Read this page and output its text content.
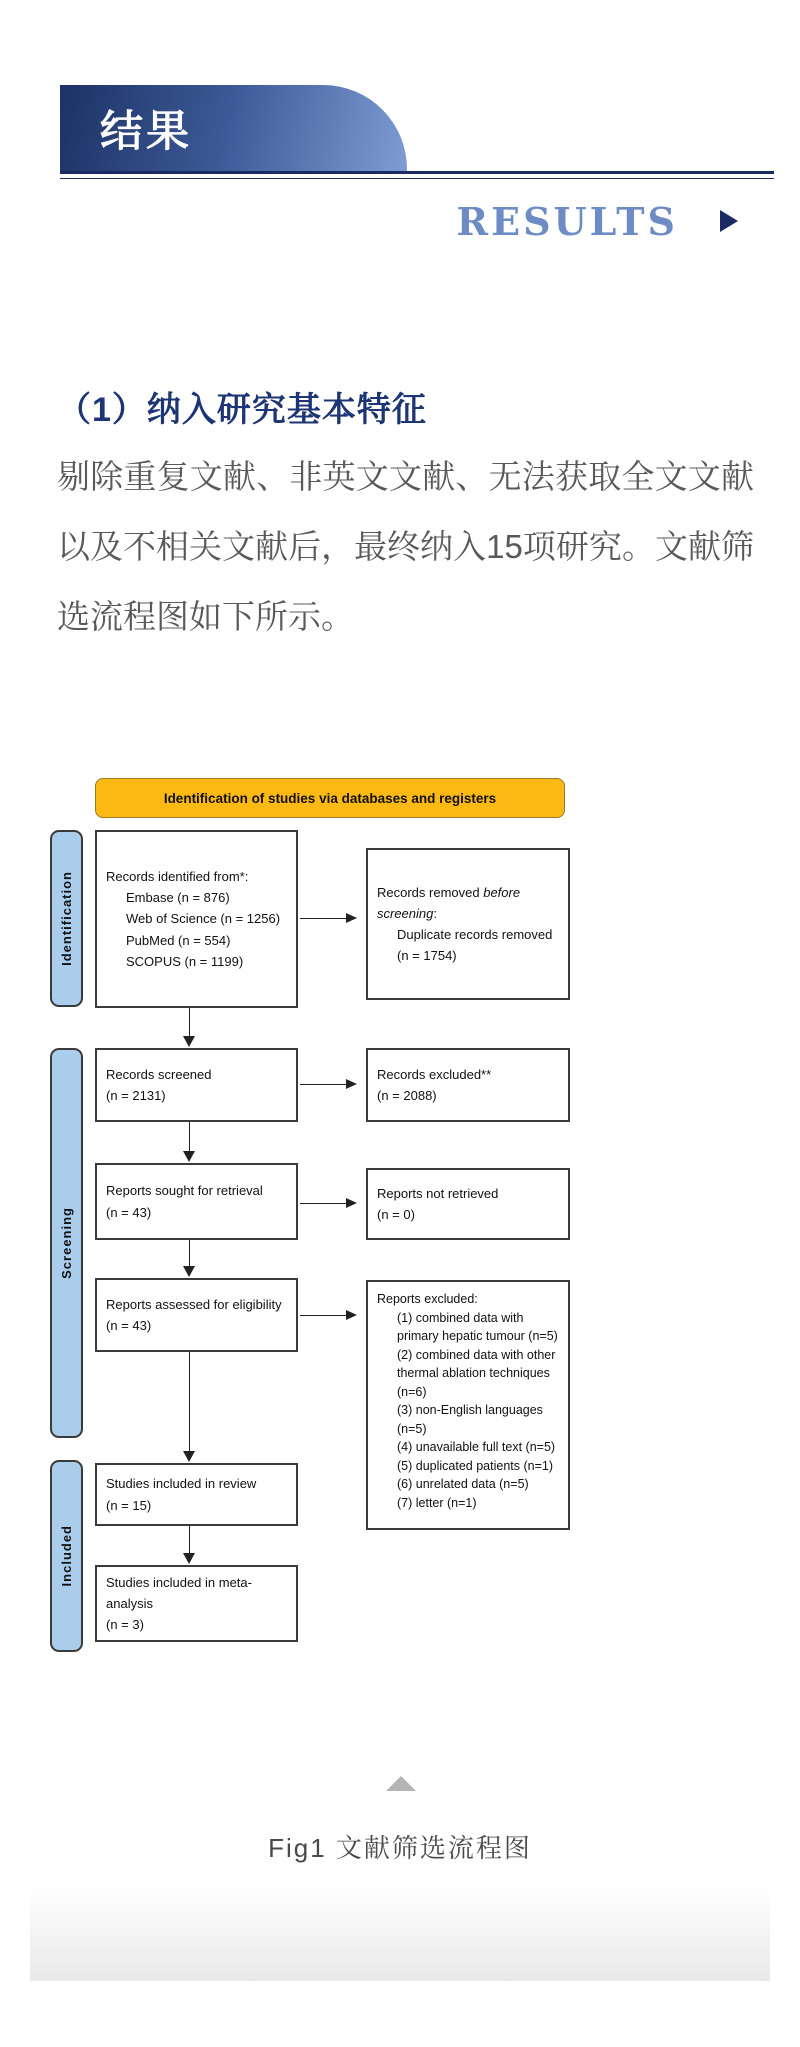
结果
RESULTS
（1）纳入研究基本特征
剔除重复文献、非英文文献、无法获取全文文献以及不相关文献后，最终纳入15项研究。文献筛选流程图如下所示。
Identification of studies via databases and registers
Identification
Screening
Included
Records identified from*:
Embase (n = 876)
Web of Science (n = 1256)
PubMed (n = 554)
SCOPUS (n = 1199)
Records removed before screening:
Duplicate records removed
(n = 1754)
Records screened
(n = 2131)
Records excluded**
(n = 2088)
Reports sought for retrieval
(n = 43)
Reports not retrieved
(n = 0)
Reports assessed for eligibility
(n = 43)
Reports excluded:
(1) combined data with primary hepatic tumour (n=5)
(2) combined data with other thermal ablation techniques (n=6)
(3) non-English languages (n=5)
(4) unavailable full text (n=5)
(5) duplicated patients (n=1)
(6) unrelated data (n=5)
(7) letter (n=1)
Studies included in review
(n = 15)
Studies included in meta-
analysis
(n = 3)
Fig1 文献筛选流程图
